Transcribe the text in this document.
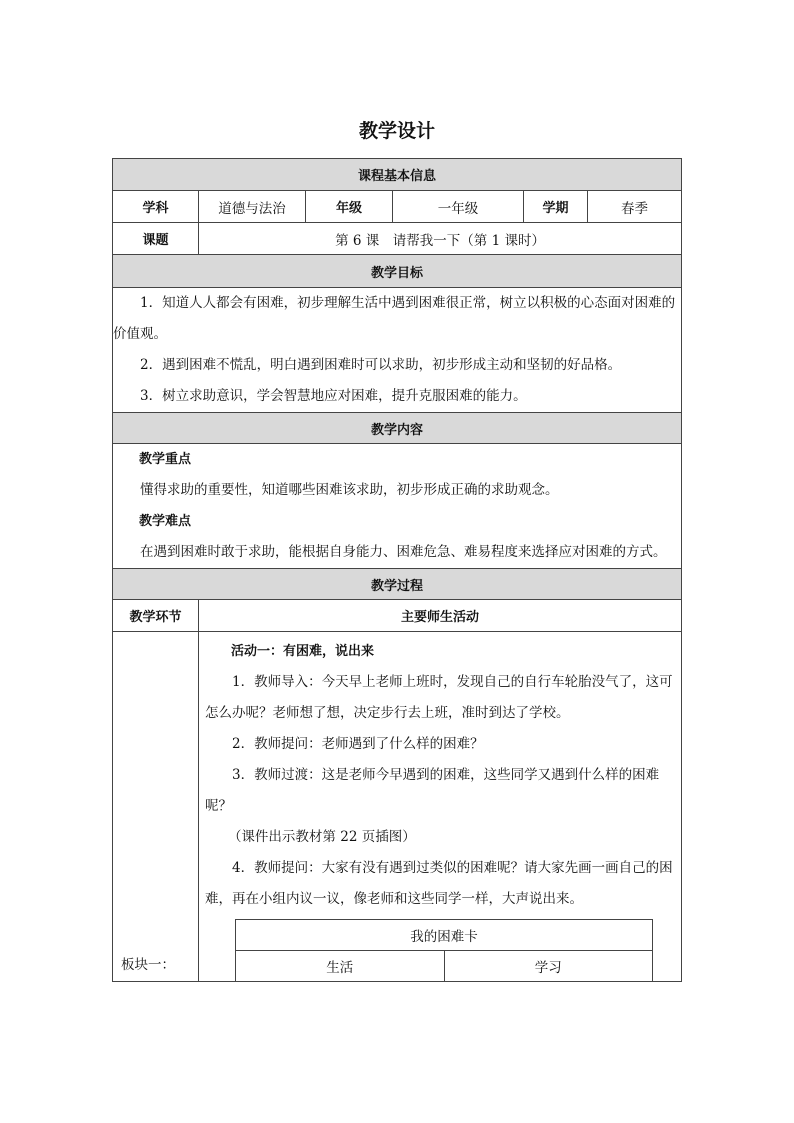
教学设计
课程基本信息
学科	道德与法治	年级	一年级	学期	春季
课题	第 6 课　请帮我一下（第 1 课时）
教学目标

1．知道人人都会有困难，初步理解生活中遇到困难很正常，树立以积极的心态面对困难的价值观。
2．遇到困难不慌乱，明白遇到困难时可以求助，初步形成主动和坚韧的好品格。
3．树立求助意识，学会智慧地应对困难，提升克服困难的能力。

教学内容

教学重点
懂得求助的重要性，知道哪些困难该求助，初步形成正确的求助观念。
教学难点
在遇到困难时敢于求助，能根据自身能力、困难危急、难易程度来选择应对困难的方式。

教学过程
教学环节	主要师生活动
板块一：	
活动一：有困难，说出来
1．教师导入：今天早上老师上班时，发现自己的自行车轮胎没气了，这可怎么办呢？老师想了想，决定步行去上班，准时到达了学校。
2．教师提问：老师遇到了什么样的困难？
3．教师过渡：这是老师今早遇到的困难，这些同学又遇到什么样的困难呢？
（课件出示教材第 22 页插图）
4．教师提问：大家有没有遇到过类似的困难呢？请大家先画一画自己的困难，再在小组内议一议，像老师和这些同学一样，大声说出来。
我的困难卡
生活	学习
